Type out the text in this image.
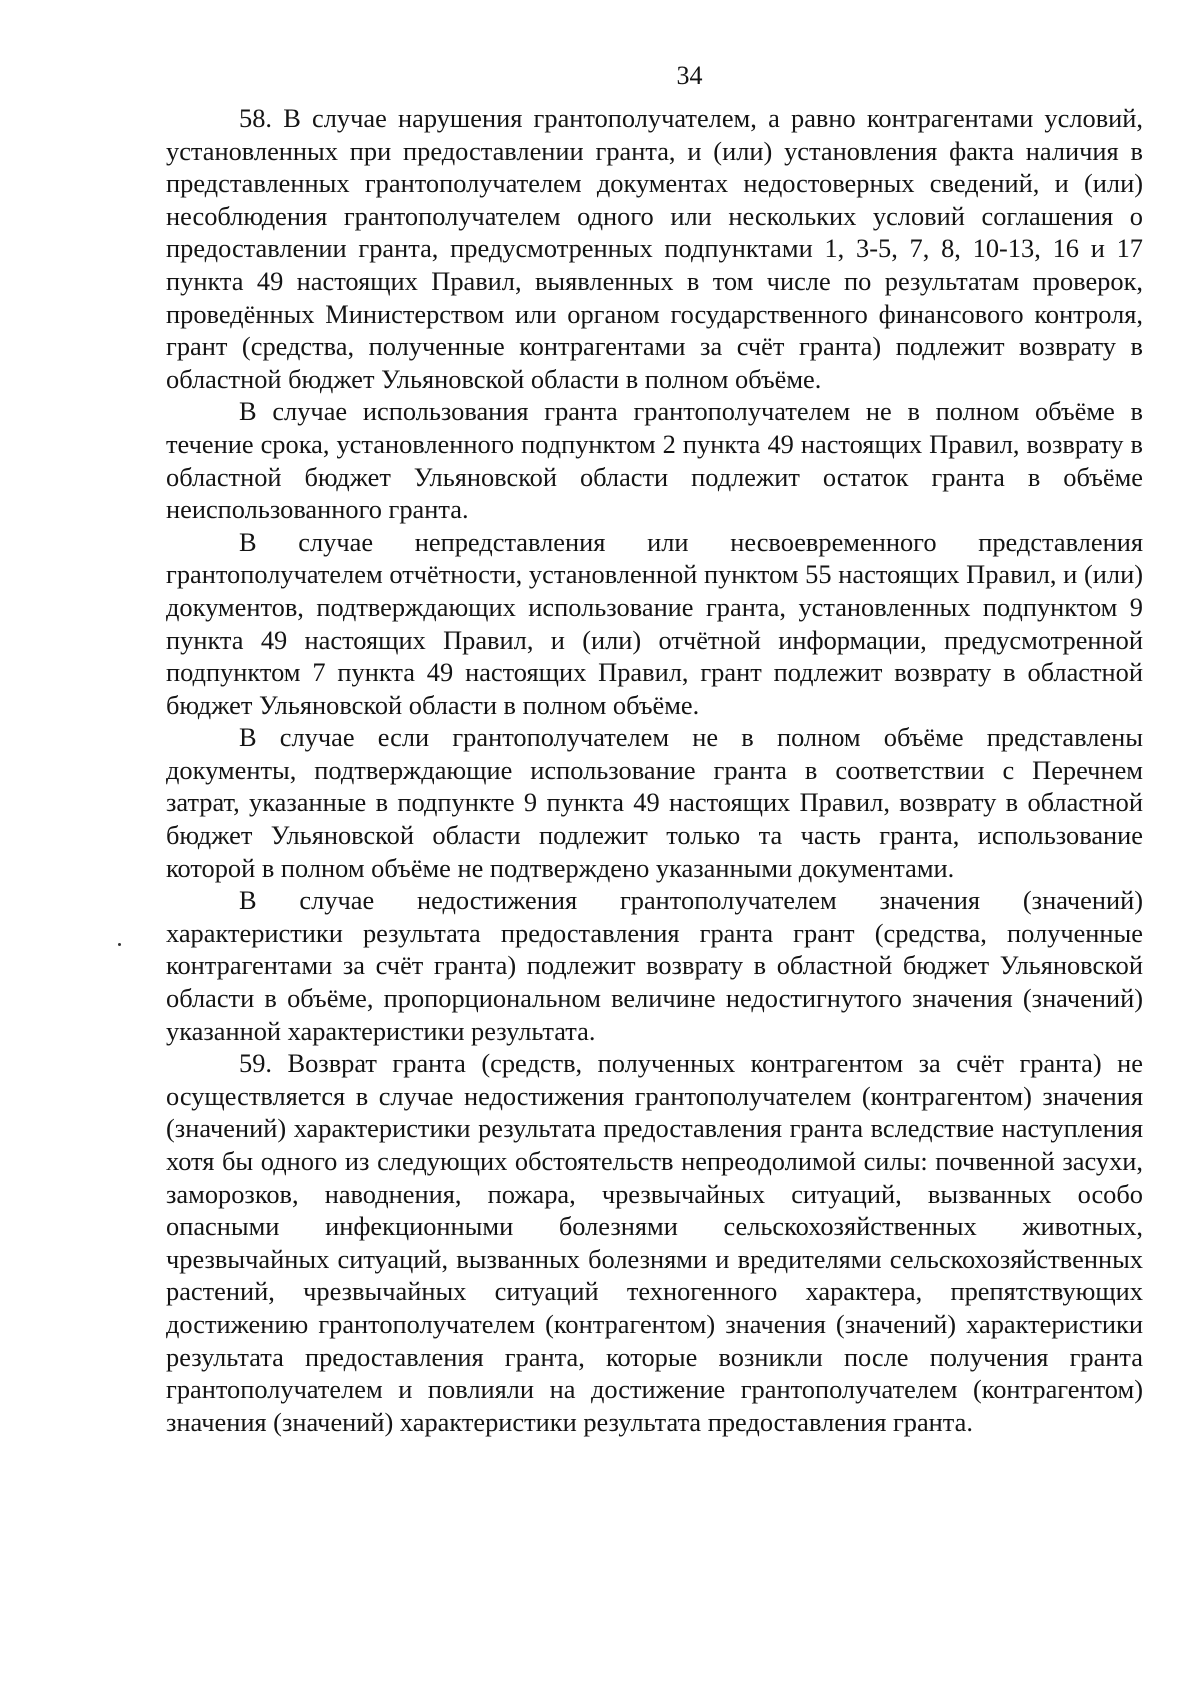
34

58. В случае нарушения грантополучателем, а равно контрагентами условий, установленных при предоставлении гранта, и (или) установления факта наличия в представленных грантополучателем документах недостоверных сведений, и (или) несоблюдения грантополучателем одного или нескольких условий соглашения о предоставлении гранта, предусмотренных подпунктами 1, 3-5, 7, 8, 10-13, 16 и 17 пункта 49 настоящих Правил, выявленных в том числе по результатам проверок, проведённых Министерством или органом государственного финансового контроля, грант (средства, полученные контрагентами за счёт гранта) подлежит возврату в областной бюджет Ульяновской области в полном объёме.

В случае использования гранта грантополучателем не в полном объёме в течение срока, установленного подпунктом 2 пункта 49 настоящих Правил, возврату в областной бюджет Ульяновской области подлежит остаток гранта в объёме неиспользованного гранта.

В случае непредставления или несвоевременного представления грантополучателем отчётности, установленной пунктом 55 настоящих Правил, и (или) документов, подтверждающих использование гранта, установленных подпунктом 9 пункта 49 настоящих Правил, и (или) отчётной информации, предусмотренной подпунктом 7 пункта 49 настоящих Правил, грант подлежит возврату в областной бюджет Ульяновской области в полном объёме.

В случае если грантополучателем не в полном объёме представлены документы, подтверждающие использование гранта в соответствии с Перечнем затрат, указанные в подпункте 9 пункта 49 настоящих Правил, возврату в областной бюджет Ульяновской области подлежит только та часть гранта, использование которой в полном объёме не подтверждено указанными документами.

В случае недостижения грантополучателем значения (значений) характеристики результата предоставления гранта грант (средства, полученные контрагентами за счёт гранта) подлежит возврату в областной бюджет Ульяновской области в объёме, пропорциональном величине недостигнутого значения (значений) указанной характеристики результата.

59. Возврат гранта (средств, полученных контрагентом за счёт гранта) не осуществляется в случае недостижения грантополучателем (контрагентом) значения (значений) характеристики результата предоставления гранта вследствие наступления хотя бы одного из следующих обстоятельств непреодолимой силы: почвенной засухи, заморозков, наводнения, пожара, чрезвычайных ситуаций, вызванных особо опасными инфекционными болезнями сельскохозяйственных животных, чрезвычайных ситуаций, вызванных болезнями и вредителями сельскохозяйственных растений, чрезвычайных ситуаций техногенного характера, препятствующих достижению грантополучателем (контрагентом) значения (значений) характеристики результата предоставления гранта, которые возникли после получения гранта грантополучателем и повлияли на достижение грантополучателем (контрагентом) значения (значений) характеристики результата предоставления гранта.
